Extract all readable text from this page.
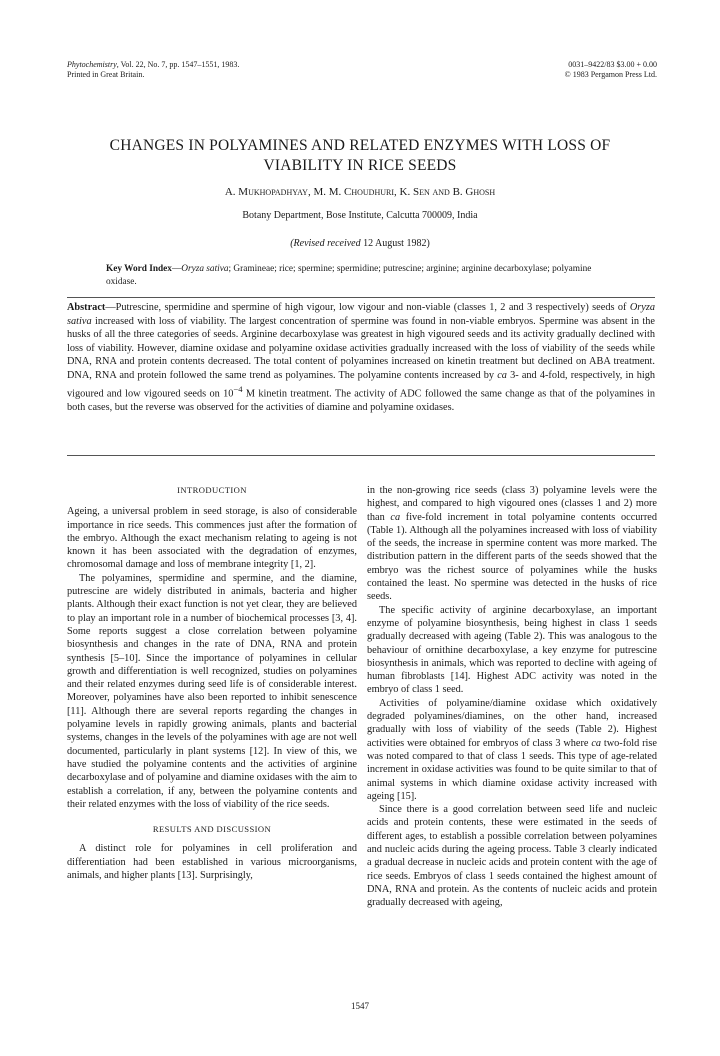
Phytochemistry, Vol. 22, No. 7, pp. 1547–1551, 1983.
Printed in Great Britain.
0031–9422/83 $3.00 + 0.00
© 1983 Pergamon Press Ltd.
CHANGES IN POLYAMINES AND RELATED ENZYMES WITH LOSS OF
VIABILITY IN RICE SEEDS
A. Mukhopadhyay, M. M. Choudhuri, K. Sen and B. Ghosh
Botany Department, Bose Institute, Calcutta 700009, India
(Revised received 12 August 1982)
Key Word Index—Oryza sativa; Gramineae; rice; spermine; spermidine; putrescine; arginine; arginine decarboxylase; polyamine oxidase.
Abstract—Putrescine, spermidine and spermine of high vigour, low vigour and non-viable (classes 1, 2 and 3 respectively) seeds of Oryza sativa increased with loss of viability. The largest concentration of spermine was found in non-viable embryos. Spermine was absent in the husks of all the three categories of seeds. Arginine decarboxylase was greatest in high vigoured seeds and its activity gradually declined with loss of viability. However, diamine oxidase and polyamine oxidase activities gradually increased with the loss of viability of the seeds while DNA, RNA and protein contents decreased. The total content of polyamines increased on kinetin treatment but declined on ABA treatment. DNA, RNA and protein followed the same trend as polyamines. The polyamine contents increased by ca 3- and 4-fold, respectively, in high vigoured and low vigoured seeds on $10^{-4}$ M kinetin treatment. The activity of ADC followed the same change as that of the polyamines in both cases, but the reverse was observed for the activities of diamine and polyamine oxidases.
INTRODUCTION

Ageing, a universal problem in seed storage, is also of considerable importance in rice seeds. This commences just after the formation of the embryo. Although the exact mechanism relating to ageing is not known it has been associated with the degradation of enzymes, chromosomal damage and loss of membrane integrity [1, 2].

The polyamines, spermidine and spermine, and the diamine, putrescine are widely distributed in animals, bacteria and higher plants. Although their exact function is not yet clear, they are believed to play an important role in a number of biochemical processes [3, 4]. Some reports suggest a close correlation between polyamine biosynthesis and changes in the rate of DNA, RNA and protein synthesis [5–10]. Since the importance of polyamines in cellular growth and differentiation is well recognized, studies on polyamines and their related enzymes during seed life is of considerable interest. Moreover, polyamines have also been reported to inhibit senescence [11]. Although there are several reports regarding the changes in polyamine levels in rapidly growing animals, plants and bacterial systems, changes in the levels of the polyamines with age are not well documented, particularly in plant systems [12]. In view of this, we have studied the polyamine contents and the activities of arginine decarboxylase and of polyamine and diamine oxidases with the aim to establish a correlation, if any, between the polyamine contents and their related enzymes with the loss of viability of the rice seeds.

RESULTS AND DISCUSSION

A distinct role for polyamines in cell proliferation and differentiation had been established in various microorganisms, animals, and higher plants [13]. Surprisingly,

in the non-growing rice seeds (class 3) polyamine levels were the highest, and compared to high vigoured ones (classes 1 and 2) more than ca five-fold increment in total polyamine contents occurred (Table 1). Although all the polyamines increased with loss of viability of the seeds, the increase in spermine content was more marked. The distribution pattern in the different parts of the seeds showed that the embryo was the richest source of polyamines while the husks contained the least. No spermine was detected in the husks of rice seeds.

The specific activity of arginine decarboxylase, an important enzyme of polyamine biosynthesis, being highest in class 1 seeds gradually decreased with ageing (Table 2). This was analogous to the behaviour of ornithine decarboxylase, a key enzyme for putrescine biosynthesis in animals, which was reported to decline with ageing of human fibroblasts [14]. Highest ADC activity was noted in the embryo of class 1 seed.

Activities of polyamine/diamine oxidase which oxidatively degraded polyamines/diamines, on the other hand, increased gradually with loss of viability of the seeds (Table 2). Highest activities were obtained for embryos of class 3 where ca two-fold rise was noted compared to that of class 1 seeds. This type of age-related increment in oxidase activities was found to be quite similar to that of animal systems in which diamine oxidase activity increased with ageing [15].

Since there is a good correlation between seed life and nucleic acids and protein contents, these were estimated in the seeds of different ages, to establish a possible correlation between polyamines and nucleic acids during the ageing process. Table 3 clearly indicated a gradual decrease in nucleic acids and protein content with the age of rice seeds. Embryos of class 1 seeds contained the highest amount of DNA, RNA and protein. As the contents of nucleic acids and protein gradually decreased with ageing,

1547
